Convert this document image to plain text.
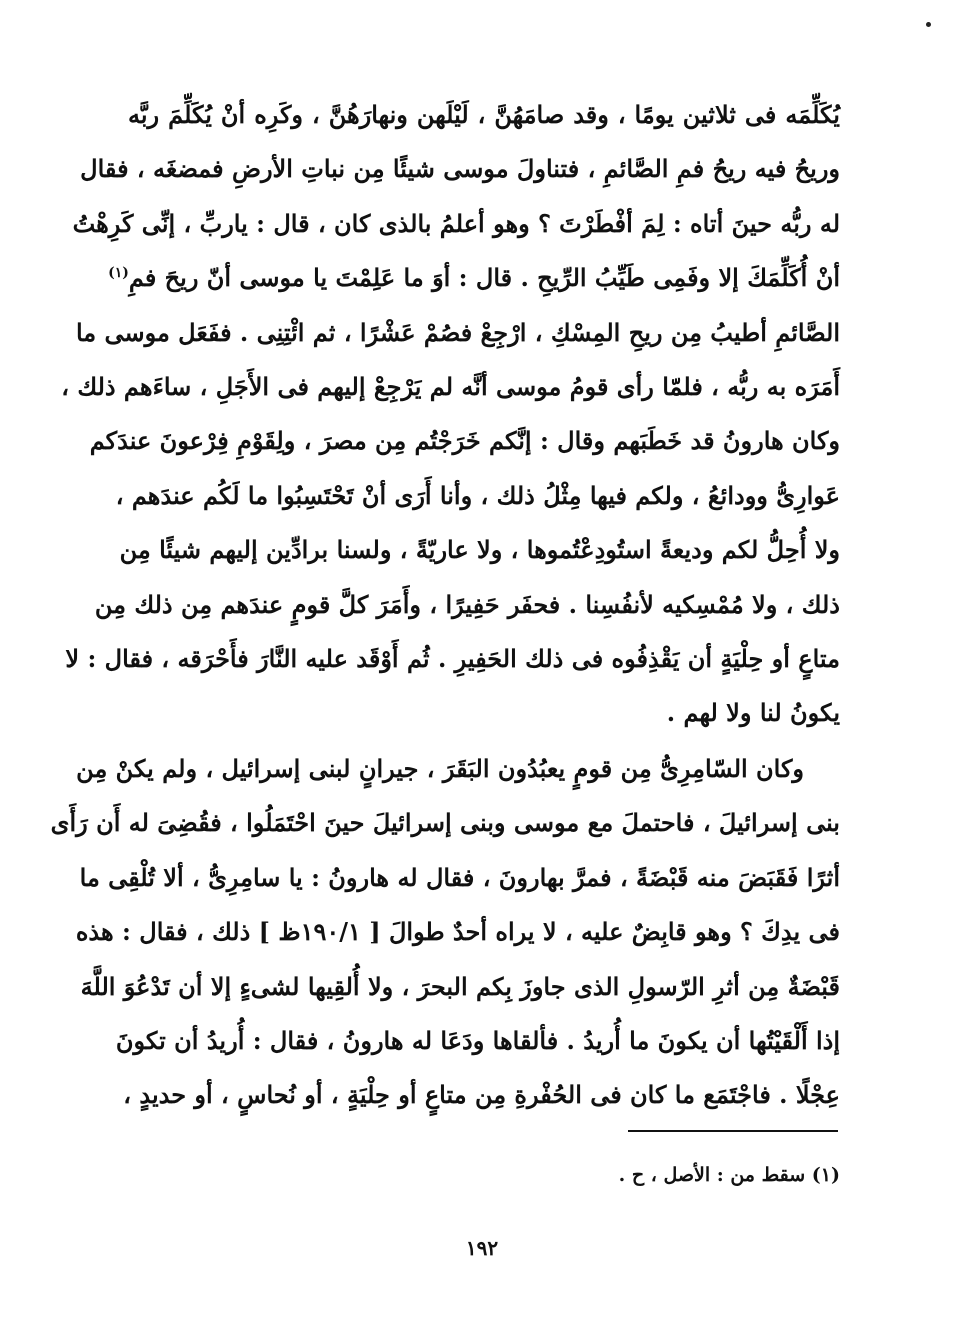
يُكَلِّمَه فى ثلاثين يومًا ، وقد صامَهُنَّ ، لَيْلَهن ونهارَهُنَّ ، وكَرِه أنْ يُكَلِّمَ ربَّه
وريحُ فيه ريحُ فمِ الصَّائمِ ، فتناولَ موسى شيئًا مِن نباتِ الأرضِ فمضغَه ، فقال
له ربُّه حينَ أتاه : لِمَ أفْطَرْتَ ؟ وهو أعلمُ بالذى كان ، قال : ياربِّ ، إنِّى كَرِهْتُ
أنْ أُكَلِّمَكَ إلا وفَمِى طَيِّبُ الرِّيحِ . قال : أوَ ما عَلِمْتَ يا موسى أنّ ريحَ فمِ$^{(١)}$
الصَّائمِ أطيبُ مِن ريحِ المِسْكِ ، ارْجِعْ فصُمْ عَشْرًا ، ثم ائْتِنِى . ففَعَل موسى ما
أَمَرَه به ربُّه ، فلمّا رأى قومُ موسى أنَّه لم يَرْجِعْ إليهم فى الأَجَلِ ، ساءَهم ذلك ،
وكان هارونُ قد خَطَبَهم وقال : إنَّكم خَرَجْتُم مِن مصرَ ، ولِقَوْمِ فِرْعونَ عندَكم
عَوارِىُّ وودائعُ ، ولكم فيها مِثْلُ ذلك ، وأنا أَرَى أنْ تَحْتَسِبُوا ما لَكُم عندَهم ،
ولا أُحِلُّ لكم وديعةً استُودِعْتُموها ، ولا عاريّةً ، ولسنا برادِّين إليهم شيئًا مِن
ذلك ، ولا مُمْسِكيه لأنفُسِنا . فحفَر حَفِيرًا ، وأَمَرَ كلَّ قومٍ عندَهم مِن ذلك مِن
متاعٍ أو حِلْيَةٍ أن يَقْذِفُوه فى ذلك الحَفِيرِ . ثُم أَوْقَد عليه النَّارَ فأَحْرَقه ، فقال : لا
يكونُ لنا ولا لهم .
وكان السّامِرِىُّ مِن قومٍ يعبُدُون البَقَرَ ، جيرانٍ لبنى إسرائيل ، ولم يكنْ مِن
بنى إسرائيلَ ، فاحتملَ مع موسى وبنى إسرائيلَ حينَ احْتَمَلُوا ، فقُضِىَ له أَن رَأَى
أثرًا فَقَبَضَ منه قَبْضَةً ، فمرَّ بهارونَ ، فقال له هارونُ : يا سامِرِىُّ ، ألا تُلْقِى ما
فى يدِكَ ؟ وهو قابِضٌ عليه ، لا يراه أحدٌ طوالَ [ ١٩٠/١ظ ] ذلك ، فقال : هذه
قَبْضَةٌ مِن أثرِ الرّسولِ الذى جاوزَ بِكم البحرَ ، ولا أُلقِيها لشىءٍ إلا أن تَدْعُوَ اللَّهَ
إذا أَلْقَيْتُها أن يكونَ ما أُريدُ . فألقاها ودَعَا له هارونُ ، فقال : أُريدُ أن تكونَ
عِجْلًا . فاجْتَمَع ما كان فى الحُفْرةِ مِن متاعٍ أو حِلْيَةٍ ، أو نُحاسٍ ، أو حديدٍ ،
(١) سقط من : الأصل ، ح .
١٩٢
